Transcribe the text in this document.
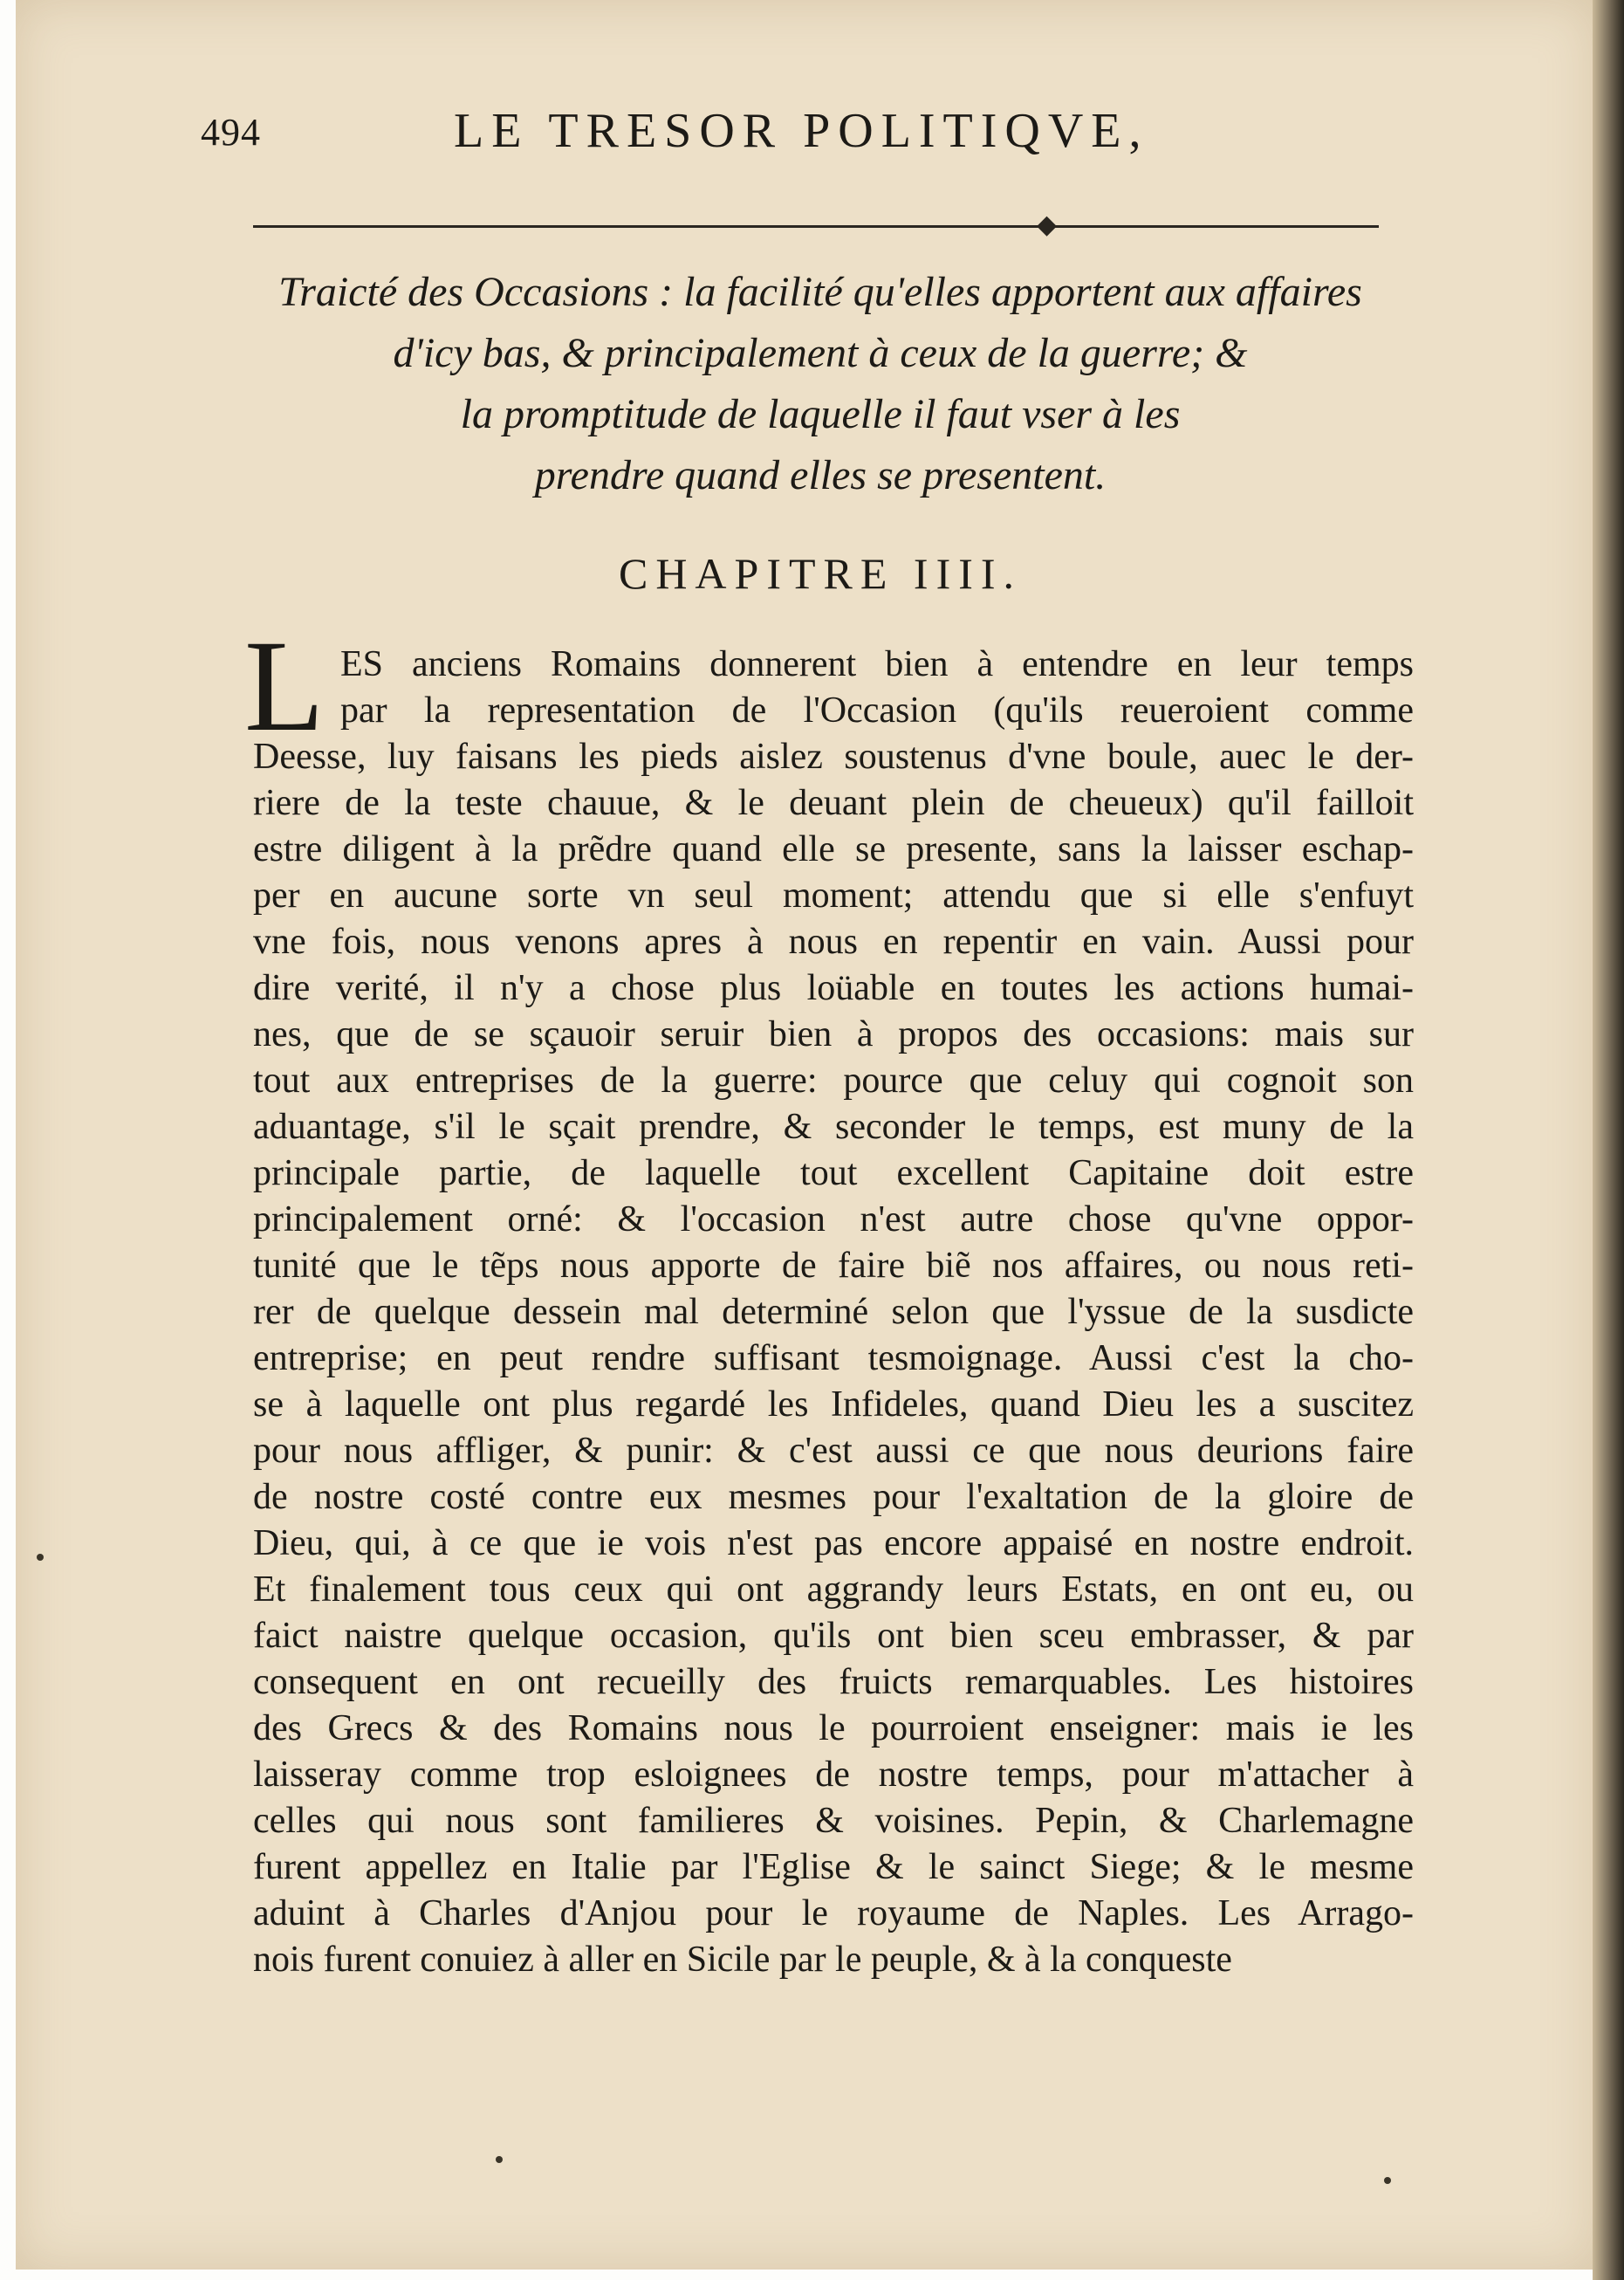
494	LE TRESOR POLITIQVE,
◆
Traicté des Occasions : la facilité qu'elles apportent aux affaires
d'icy bas, & principalement à ceux de la guerre; &
la promptitude de laquelle il faut vser à les
prendre quand elles se presentent.
CHAPITRE IIII.
L ES anciens Romains donnerent bien à entendre en leur temps
par la representation de l'Occasion (qu'ils reueroient comme
Deesse, luy faisans les pieds aislez soustenus d'vne boule, auec le der-
riere de la teste chauue, & le deuant plein de cheueux) qu'il failloit
estre diligent à la prẽdre quand elle se presente, sans la laisser eschap-
per en aucune sorte vn seul moment; attendu que si elle s'enfuyt
vne fois, nous venons apres à nous en repentir en vain. Aussi pour
dire verité, il n'y a chose plus loüable en toutes les actions humai-
nes, que de se sçauoir seruir bien à propos des occasions: mais sur
tout aux entreprises de la guerre: pource que celuy qui cognoit son
aduantage, s'il le sçait prendre, & seconder le temps, est muny de la
principale partie, de laquelle tout excellent Capitaine doit estre
principalement orné: & l'occasion n'est autre chose qu'vne oppor-
tunité que le tẽps nous apporte de faire biẽ nos affaires, ou nous reti-
rer de quelque dessein mal determiné selon que l'yssue de la susdicte
entreprise; en peut rendre suffisant tesmoignage. Aussi c'est la cho-
se à laquelle ont plus regardé les Infideles, quand Dieu les a suscitez
pour nous affliger, & punir: & c'est aussi ce que nous deurions faire
de nostre costé contre eux mesmes pour l'exaltation de la gloire de
Dieu, qui, à ce que ie vois n'est pas encore appaisé en nostre endroit.
Et finalement tous ceux qui ont aggrandy leurs Estats, en ont eu, ou
faict naistre quelque occasion, qu'ils ont bien sceu embrasser, & par
consequent en ont recueilly des fruicts remarquables. Les histoires
des Grecs & des Romains nous le pourroient enseigner: mais ie les
laisseray comme trop esloignees de nostre temps, pour m'attacher à
celles qui nous sont familieres & voisines. Pepin, & Charlemagne
furent appellez en Italie par l'Eglise & le sainct Siege; & le mesme
aduint à Charles d'Anjou pour le royaume de Naples. Les Arrago-
nois furent conuiez à aller en Sicile par le peuple, & à la conqueste
